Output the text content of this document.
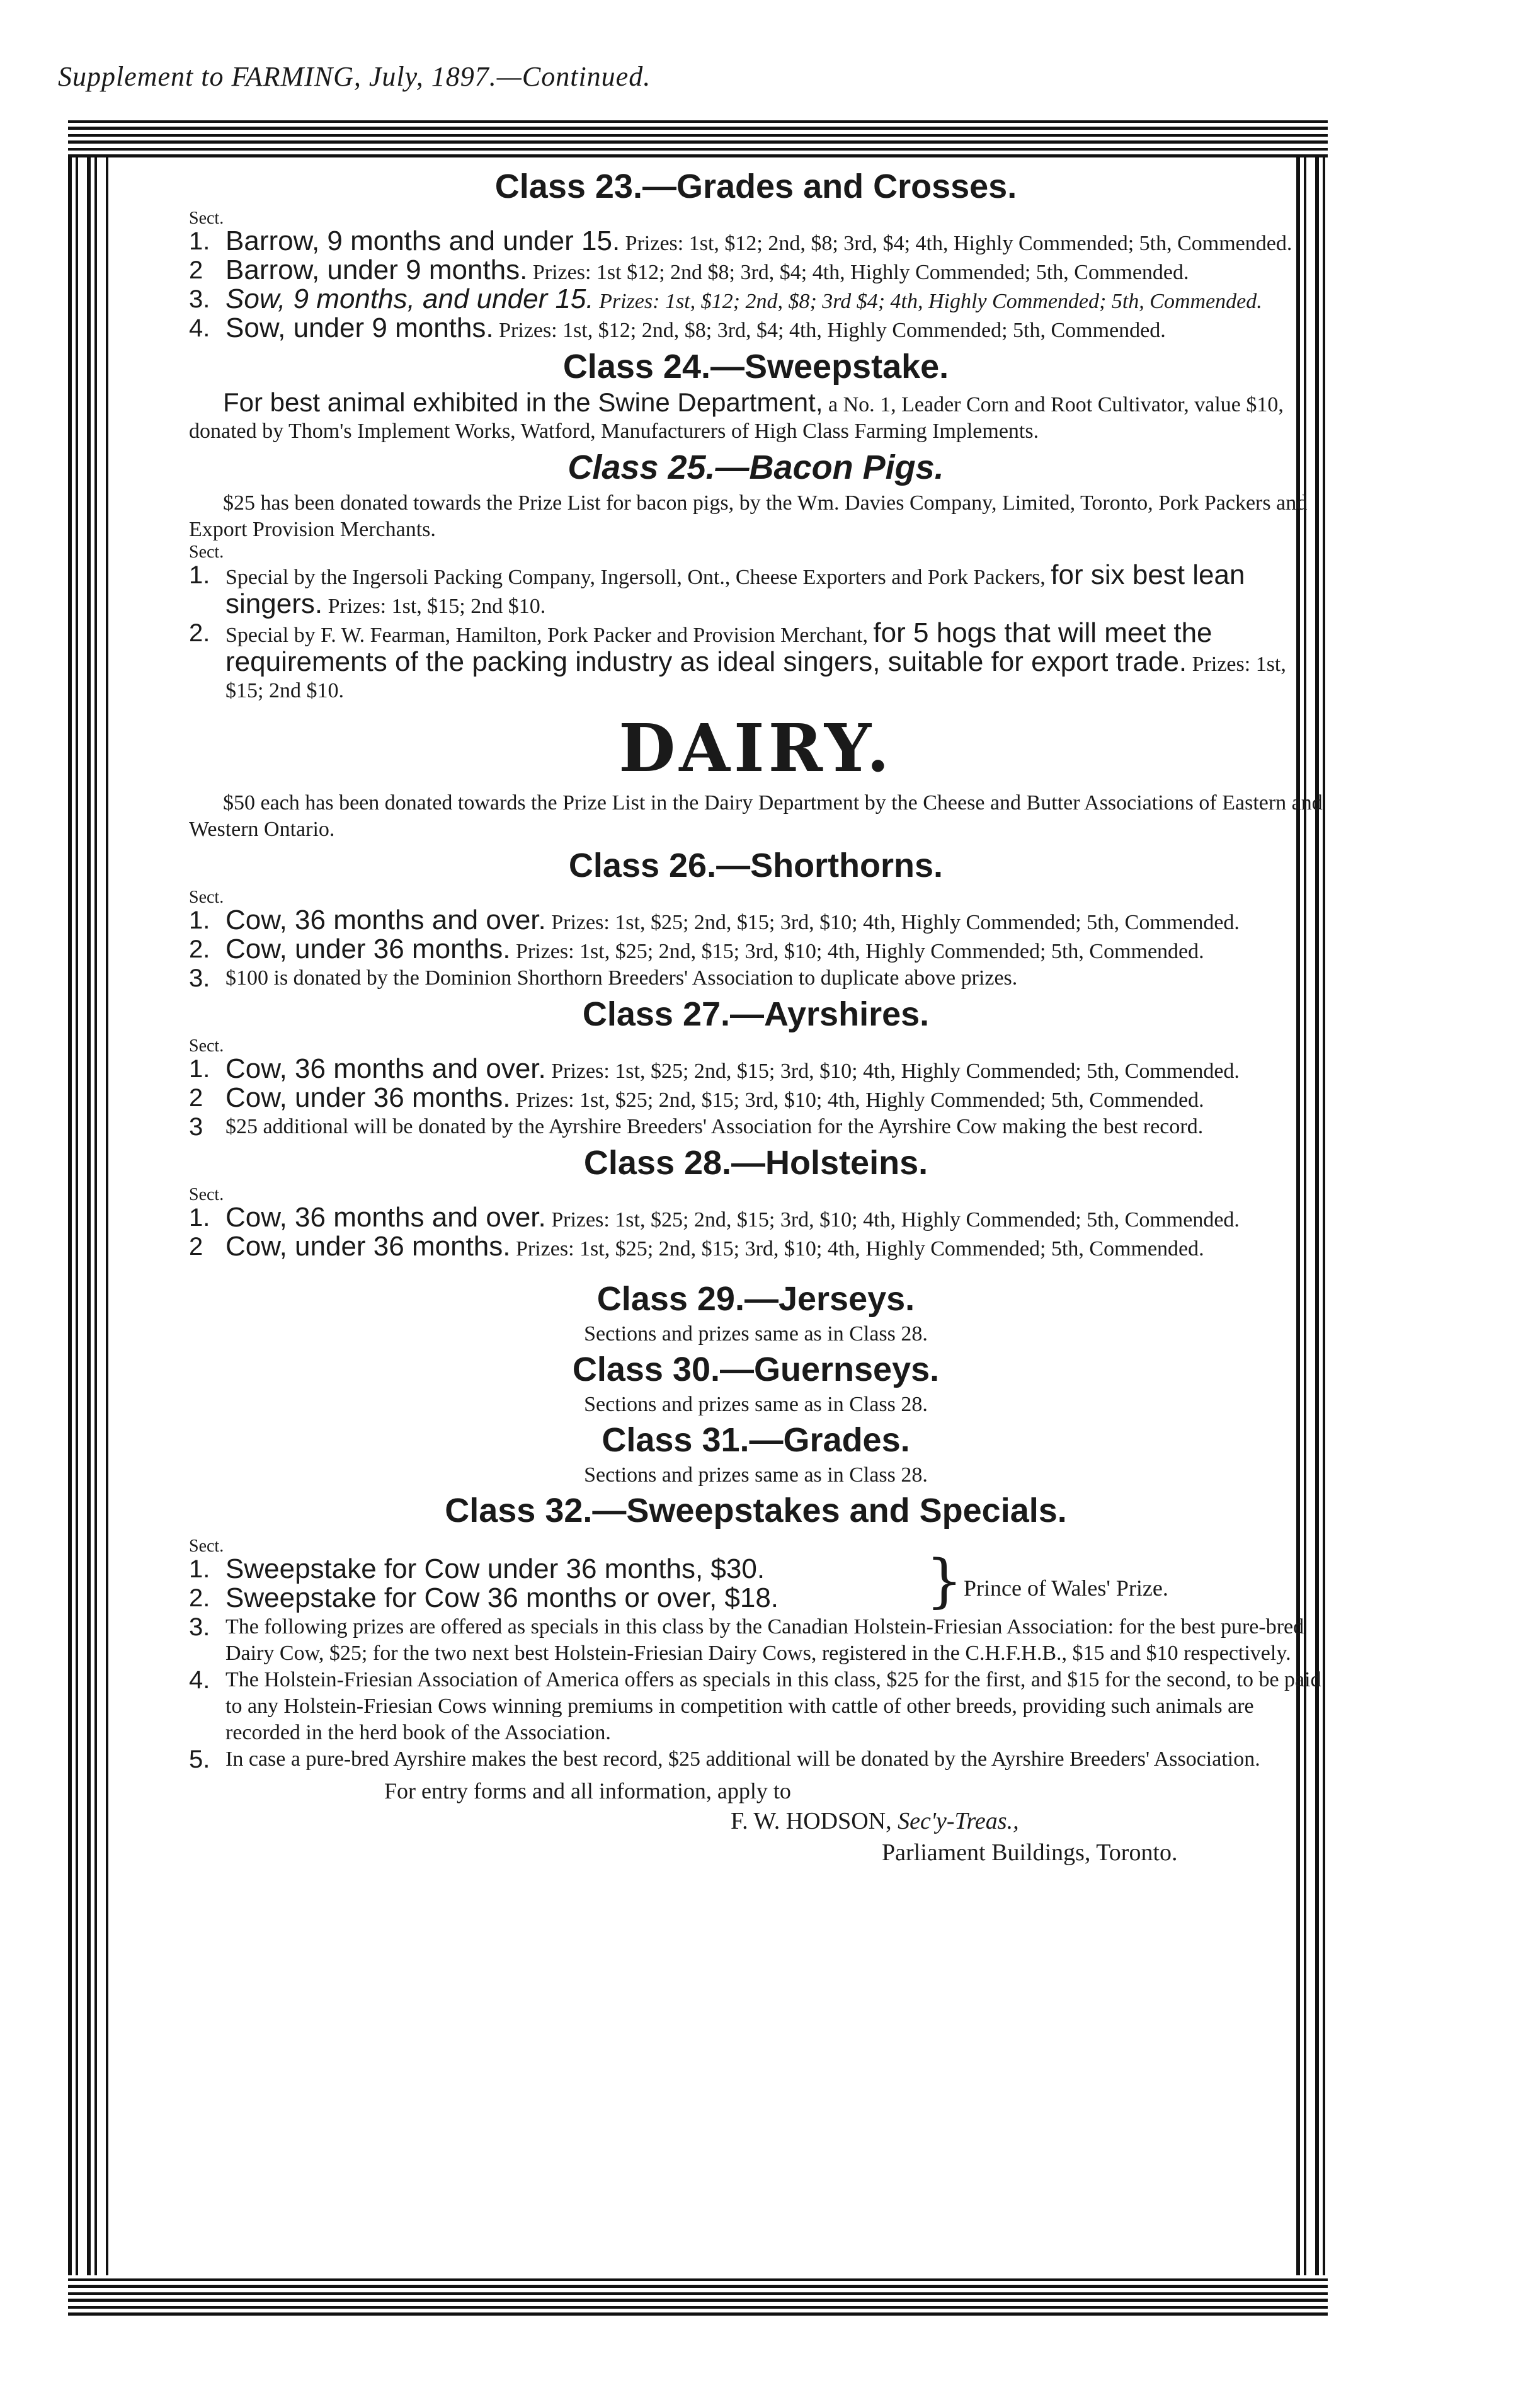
Supplement to FARMING, July, 1897.—Continued.
Class 23.—Grades and Crosses.
Sect.
1. Barrow, 9 months and under 15. Prizes: 1st, $12; 2nd, $8; 3rd, $4; 4th, Highly Commended; 5th, Commended.
2 Barrow, under 9 months. Prizes: 1st $12; 2nd $8; 3rd, $4; 4th, Highly Commended; 5th, Commended.
3. Sow, 9 months, and under 15. Prizes: 1st, $12; 2nd, $8; 3rd $4; 4th, Highly Commended; 5th, Commended.
4. Sow, under 9 months. Prizes: 1st, $12; 2nd, $8; 3rd, $4; 4th, Highly Commended; 5th, Commended.
Class 24.—Sweepstake.

For best animal exhibited in the Swine Department, a No. 1, Leader Corn and Root Cultivator, value $10, donated by Thom's Implement Works, Watford, Manufacturers of High Class Farming Implements.

Class 25.—Bacon Pigs.

$25 has been donated towards the Prize List for bacon pigs, by the Wm. Davies Company, Limited, Toronto, Pork Packers and Export Provision Merchants.

Sect.
1. Special by the Ingersoli Packing Company, Ingersoll, Ont., Cheese Exporters and Pork Packers, for six best lean singers. Prizes: 1st, $15; 2nd $10.
2. Special by F. W. Fearman, Hamilton, Pork Packer and Provision Merchant, for 5 hogs that will meet the requirements of the packing industry as ideal singers, suitable for export trade. Prizes: 1st, $15; 2nd $10.
DAIRY.

$50 each has been donated towards the Prize List in the Dairy Department by the Cheese and Butter Associations of Eastern and Western Ontario.

Class 26.—Shorthorns.
Sect.
1. Cow, 36 months and over. Prizes: 1st, $25; 2nd, $15; 3rd, $10; 4th, Highly Commended; 5th, Commended.
2. Cow, under 36 months. Prizes: 1st, $25; 2nd, $15; 3rd, $10; 4th, Highly Commended; 5th, Commended.
3. $100 is donated by the Dominion Shorthorn Breeders' Association to duplicate above prizes.
Class 27.—Ayrshires.
Sect.
1. Cow, 36 months and over. Prizes: 1st, $25; 2nd, $15; 3rd, $10; 4th, Highly Commended; 5th, Commended.
2 Cow, under 36 months. Prizes: 1st, $25; 2nd, $15; 3rd, $10; 4th, Highly Commended; 5th, Commended.
3 $25 additional will be donated by the Ayrshire Breeders' Association for the Ayrshire Cow making the best record.
Class 28.—Holsteins.
Sect.
1. Cow, 36 months and over. Prizes: 1st, $25; 2nd, $15; 3rd, $10; 4th, Highly Commended; 5th, Commended.
2 Cow, under 36 months. Prizes: 1st, $25; 2nd, $15; 3rd, $10; 4th, Highly Commended; 5th, Commended.
Class 29.—Jerseys.

Sections and prizes same as in Class 28.

Class 30.—Guernseys.

Sections and prizes same as in Class 28.

Class 31.—Grades.

Sections and prizes same as in Class 28.

Class 32.—Sweepstakes and Specials.
Sect.
1. Sweepstake for Cow under 36 months, $30.
2. Sweepstake for Cow 36 months or over, $18.	} Prince of Wales' Prize.
3. The following prizes are offered as specials in this class by the Canadian Holstein-Friesian Association: for the best pure-bred Dairy Cow, $25; for the two next best Holstein-Friesian Dairy Cows, registered in the C.H.F.H.B., $15 and $10 respectively.
4. The Holstein-Friesian Association of America offers as specials in this class, $25 for the first, and $15 for the second, to be paid to any Holstein-Friesian Cows winning premiums in competition with cattle of other breeds, providing such animals are recorded in the herd book of the Association.
5. In case a pure-bred Ayrshire makes the best record, $25 additional will be donated by the Ayrshire Breeders' Association.
For entry forms and all information, apply to
F. W. HODSON, Sec'y-Treas.,
Parliament Buildings, Toronto.
